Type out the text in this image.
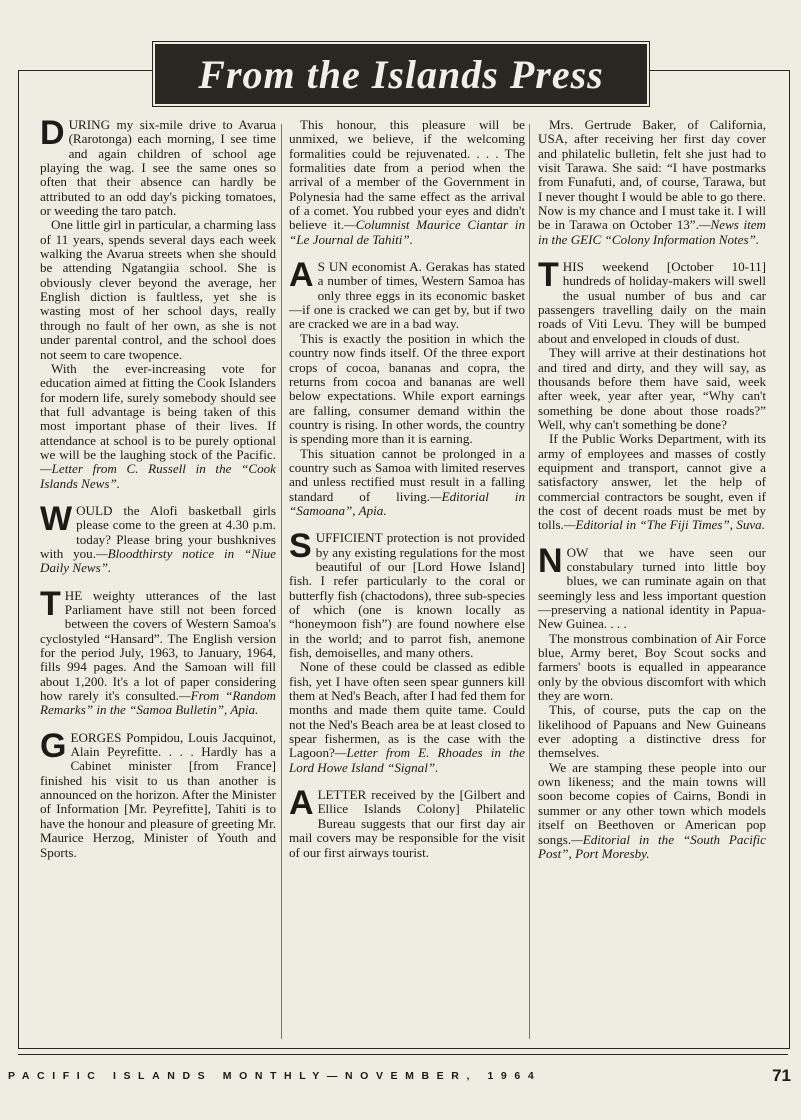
From the Islands Press

DURING my six-mile drive to Avarua (Rarotonga) each morning, I see time and again children of school age playing the wag. I see the same ones so often that their absence can hardly be attributed to an odd day's picking tomatoes, or weeding the taro patch.

One little girl in particular, a charming lass of 11 years, spends several days each week walking the Avarua streets when she should be attending Ngatangiia school. She is obviously clever beyond the average, her English diction is faultless, yet she is wasting most of her school days, really through no fault of her own, as she is not under parental control, and the school does not seem to care twopence.

With the ever-increasing vote for education aimed at fitting the Cook Islanders for modern life, surely somebody should see that full advantage is being taken of this most important phase of their lives. If attendance at school is to be purely optional we will be the laughing stock of the Pacific.—Letter from C. Russell in the “Cook Islands News”.

WOULD the Alofi basketball girls please come to the green at 4.30 p.m. today? Please bring your bushknives with you.—Bloodthirsty notice in “Niue Daily News”.

THE weighty utterances of the last Parliament have still not been forced between the covers of Western Samoa's cyclostyled “Hansard”. The English version for the period July, 1963, to January, 1964, fills 994 pages. And the Samoan will fill about 1,200. It's a lot of paper considering how rarely it's consulted.—From “Random Remarks” in the “Samoa Bulletin”, Apia.

GEORGES Pompidou, Louis Jacquinot, Alain Peyrefitte. . . . Hardly has a Cabinet minister [from France] finished his visit to us than another is announced on the horizon. After the Minister of Information [Mr. Peyrefitte], Tahiti is to have the honour and pleasure of greeting Mr. Maurice Herzog, Minister of Youth and Sports.

This honour, this pleasure will be unmixed, we believe, if the welcoming formalities could be rejuvenated. . . . The formalities date from a period when the arrival of a member of the Government in Polynesia had the same effect as the arrival of a comet. You rubbed your eyes and didn't believe it.—Columnist Maurice Ciantar in “Le Journal de Tahiti”.

A S UN economist A. Gerakas has stated a number of times, Western Samoa has only three eggs in its economic basket—if one is cracked we can get by, but if two are cracked we are in a bad way.

This is exactly the position in which the country now finds itself. Of the three export crops of cocoa, bananas and copra, the returns from cocoa and bananas are well below expectations. While export earnings are falling, consumer demand within the country is rising. In other words, the country is spending more than it is earning.

This situation cannot be prolonged in a country such as Samoa with limited reserves and unless rectified must result in a falling standard of living.—Editorial in “Samoana”, Apia.

SUFFICIENT protection is not provided by any existing regulations for the most beautiful of our [Lord Howe Island] fish. I refer particularly to the coral or butterfly fish (chactodons), three sub-species of which (one is known locally as “honeymoon fish”) are found nowhere else in the world; and to parrot fish, anemone fish, demoiselles, and many others.

None of these could be classed as edible fish, yet I have often seen spear gunners kill them at Ned's Beach, after I had fed them for months and made them quite tame. Could not the Ned's Beach area be at least closed to spear fishermen, as is the case with the Lagoon?—Letter from E. Rhoades in the Lord Howe Island “Signal”.

ALETTER received by the [Gilbert and Ellice Islands Colony] Philatelic Bureau suggests that our first day air mail covers may be responsible for the visit of our first airways tourist.

Mrs. Gertrude Baker, of California, USA, after receiving her first day cover and philatelic bulletin, felt she just had to visit Tarawa. She said: “I have postmarks from Funafuti, and, of course, Tarawa, but I never thought I would be able to go there. Now is my chance and I must take it. I will be in Tarawa on October 13”.—News item in the GEIC “Colony Information Notes”.

THIS weekend [October 10-11] hundreds of holiday-makers will swell the usual number of bus and car passengers travelling daily on the main roads of Viti Levu. They will be bumped about and enveloped in clouds of dust.

They will arrive at their destinations hot and tired and dirty, and they will say, as thousands before them have said, week after week, year after year, “Why can't something be done about those roads?” Well, why can't something be done?

If the Public Works Department, with its army of employees and masses of costly equipment and transport, cannot give a satisfactory answer, let the help of commercial contractors be sought, even if the cost of decent roads must be met by tolls.—Editorial in “The Fiji Times”, Suva.

NOW that we have seen our constabulary turned into little boy blues, we can ruminate again on that seemingly less and less important question—preserving a national identity in Papua-New Guinea. . . .

The monstrous combination of Air Force blue, Army beret, Boy Scout socks and farmers' boots is equalled in appearance only by the obvious discomfort with which they are worn.

This, of course, puts the cap on the likelihood of Papuans and New Guineans ever adopting a distinctive dress for themselves.

We are stamping these people into our own likeness; and the main towns will soon become copies of Cairns, Bondi in summer or any other town which models itself on Beethoven or American pop songs.—Editorial in the “South Pacific Post”, Port Moresby.

PACIFIC ISLANDS MONTHLY—NOVEMBER, 1964	71
